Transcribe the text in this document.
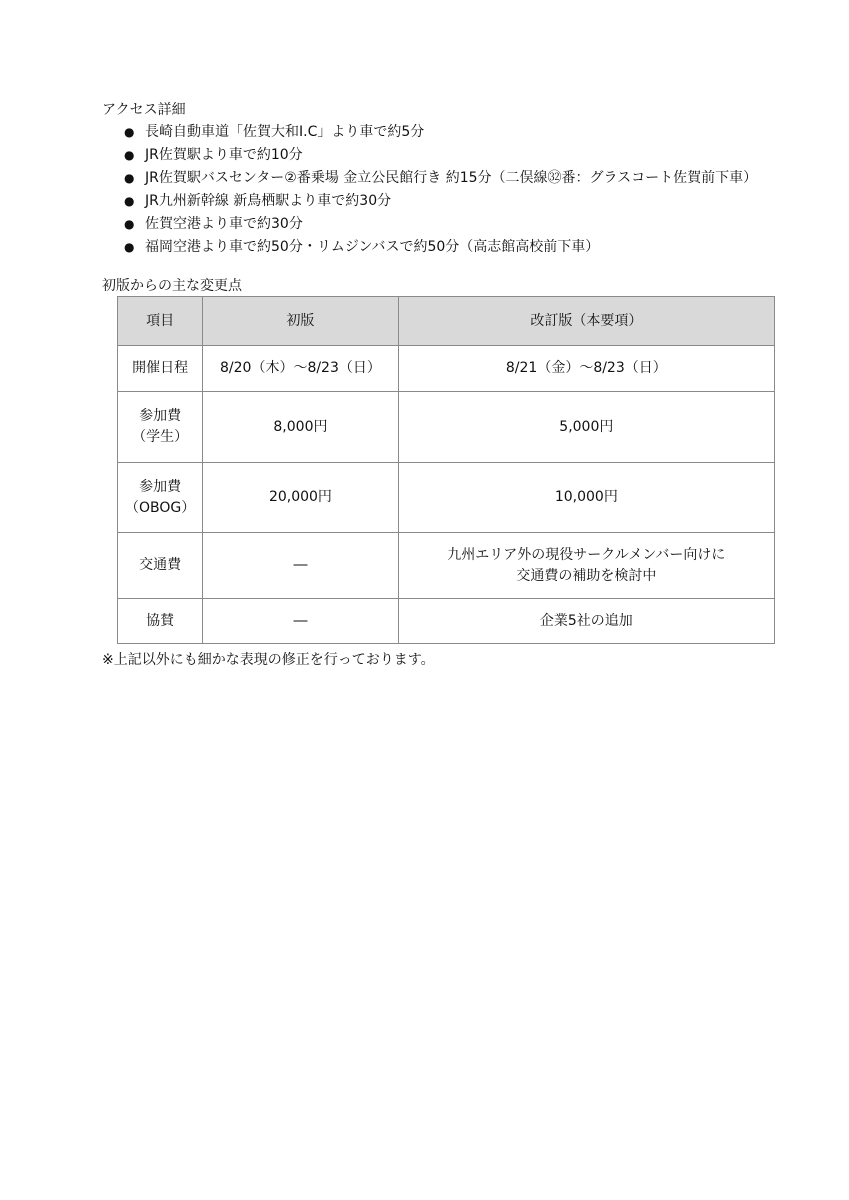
アクセス詳細
● 長崎自動車道「佐賀大和I.C」より車で約5分
● JR佐賀駅より車で約10分
● JR佐賀駅バスセンター②番乗場 金立公民館行き 約15分（二俣線㉜番：グラスコート佐賀前下車）
● JR九州新幹線 新鳥栖駅より車で約30分
● 佐賀空港より車で約30分
● 福岡空港より車で約50分・リムジンバスで約50分（高志館高校前下車）
初版からの主な変更点
項目	初版	改訂版（本要項）

開催日程	8/20（木）～8/23（日）	8/21（金）～8/23（日）

参加費
（学生）	8,000円	5,000円

参加費
（OBOG）	20,000円	10,000円

交通費	―	九州エリア外の現役サークルメンバー向けに
交通費の補助を検討中

協賛	―	企業5社の追加

※上記以外にも細かな表現の修正を行っております。
